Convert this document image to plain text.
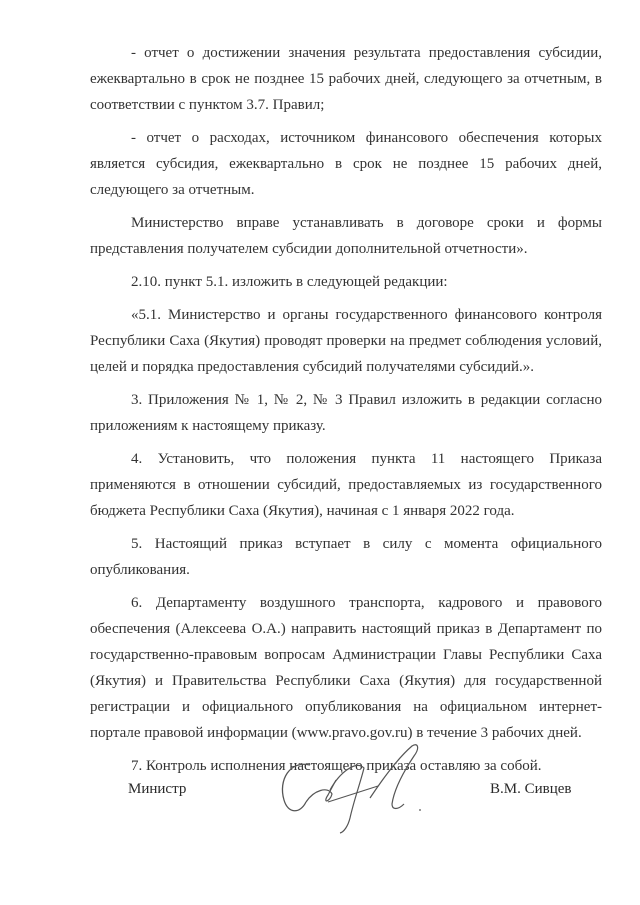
- отчет о достижении значения результата предоставления субсидии, ежеквартально в срок не позднее 15 рабочих дней, следующего за отчетным, в соответствии с пунктом 3.7. Правил;

- отчет о расходах, источником финансового обеспечения которых является субсидия, ежеквартально в срок не позднее 15 рабочих дней, следующего за отчетным.

Министерство вправе устанавливать в договоре сроки и формы представления получателем субсидии дополнительной отчетности».

2.10. пункт 5.1. изложить в следующей редакции:

«5.1. Министерство и органы государственного финансового контроля Республики Саха (Якутия) проводят проверки на предмет соблюдения условий, целей и порядка предоставления субсидий получателями субсидий.».

3. Приложения № 1, № 2, № 3 Правил изложить в редакции согласно приложениям к настоящему приказу.

4. Установить, что положения пункта 11 настоящего Приказа применяются в отношении субсидий, предоставляемых из государственного бюджета Республики Саха (Якутия), начиная с 1 января 2022 года.

5. Настоящий приказ вступает в силу с момента официального опубликования.

6. Департаменту воздушного транспорта, кадрового и правового обеспечения (Алексеева О.А.) направить настоящий приказ в Департамент по государственно-правовым вопросам Администрации Главы Республики Саха (Якутия) и Правительства Республики Саха (Якутия) для государственной регистрации и официального опубликования на официальном интернет-портале правовой информации (www.pravo.gov.ru) в течение 3 рабочих дней.

7. Контроль исполнения настоящего приказа оставляю за собой.

Министр	В.М. Сивцев
